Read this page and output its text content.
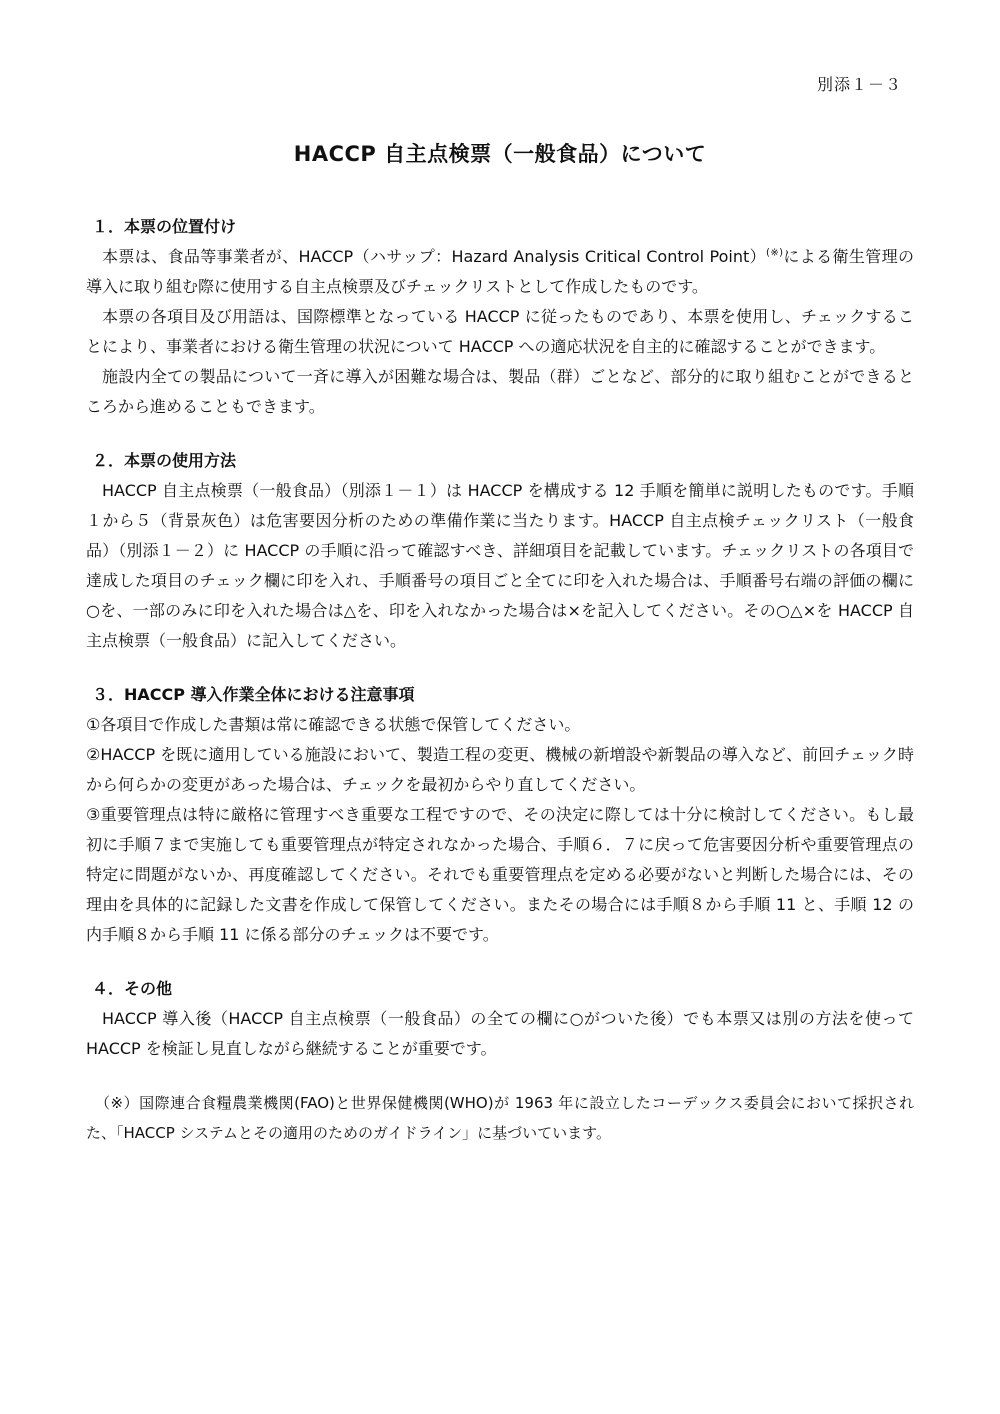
別添１－３
HACCP 自主点検票（一般食品）について
１．本票の位置付け

本票は、食品等事業者が、HACCP（ハサップ：Hazard Analysis Critical Control Point）(※)による衛生管理の導入に取り組む際に使用する自主点検票及びチェックリストとして作成したものです。

本票の各項目及び用語は、国際標準となっている HACCP に従ったものであり、本票を使用し、チェックすることにより、事業者における衛生管理の状況について HACCP への適応状況を自主的に確認することができます。

施設内全ての製品について一斉に導入が困難な場合は、製品（群）ごとなど、部分的に取り組むことができるところから進めることもできます。

２．本票の使用方法

HACCP 自主点検票（一般食品）（別添１－１）は HACCP を構成する 12 手順を簡単に説明したものです。手順１から５（背景灰色）は危害要因分析のための準備作業に当たります。HACCP 自主点検チェックリスト（一般食品）（別添１－２）に HACCP の手順に沿って確認すべき、詳細項目を記載しています。チェックリストの各項目で達成した項目のチェック欄に印を入れ、手順番号の項目ごと全てに印を入れた場合は、手順番号右端の評価の欄に○を、一部のみに印を入れた場合は△を、印を入れなかった場合は×を記入してください。その○△×を HACCP 自主点検票（一般食品）に記入してください。

３．HACCP 導入作業全体における注意事項

①各項目で作成した書類は常に確認できる状態で保管してください。

②HACCP を既に適用している施設において、製造工程の変更、機械の新増設や新製品の導入など、前回チェック時から何らかの変更があった場合は、チェックを最初からやり直してください。

③重要管理点は特に厳格に管理すべき重要な工程ですので、その決定に際しては十分に検討してください。もし最初に手順７まで実施しても重要管理点が特定されなかった場合、手順６．７に戻って危害要因分析や重要管理点の特定に問題がないか、再度確認してください。それでも重要管理点を定める必要がないと判断した場合には、その理由を具体的に記録した文書を作成して保管してください。またその場合には手順８から手順 11 と、手順 12 の内手順８から手順 11 に係る部分のチェックは不要です。

４．その他

HACCP 導入後（HACCP 自主点検票（一般食品）の全ての欄に○がついた後）でも本票又は別の方法を使って HACCP を検証し見直しながら継続することが重要です。

（※）国際連合食糧農業機関(FAO)と世界保健機関(WHO)が 1963 年に設立したコーデックス委員会において採択された、「HACCP システムとその適用のためのガイドライン」に基づいています。
